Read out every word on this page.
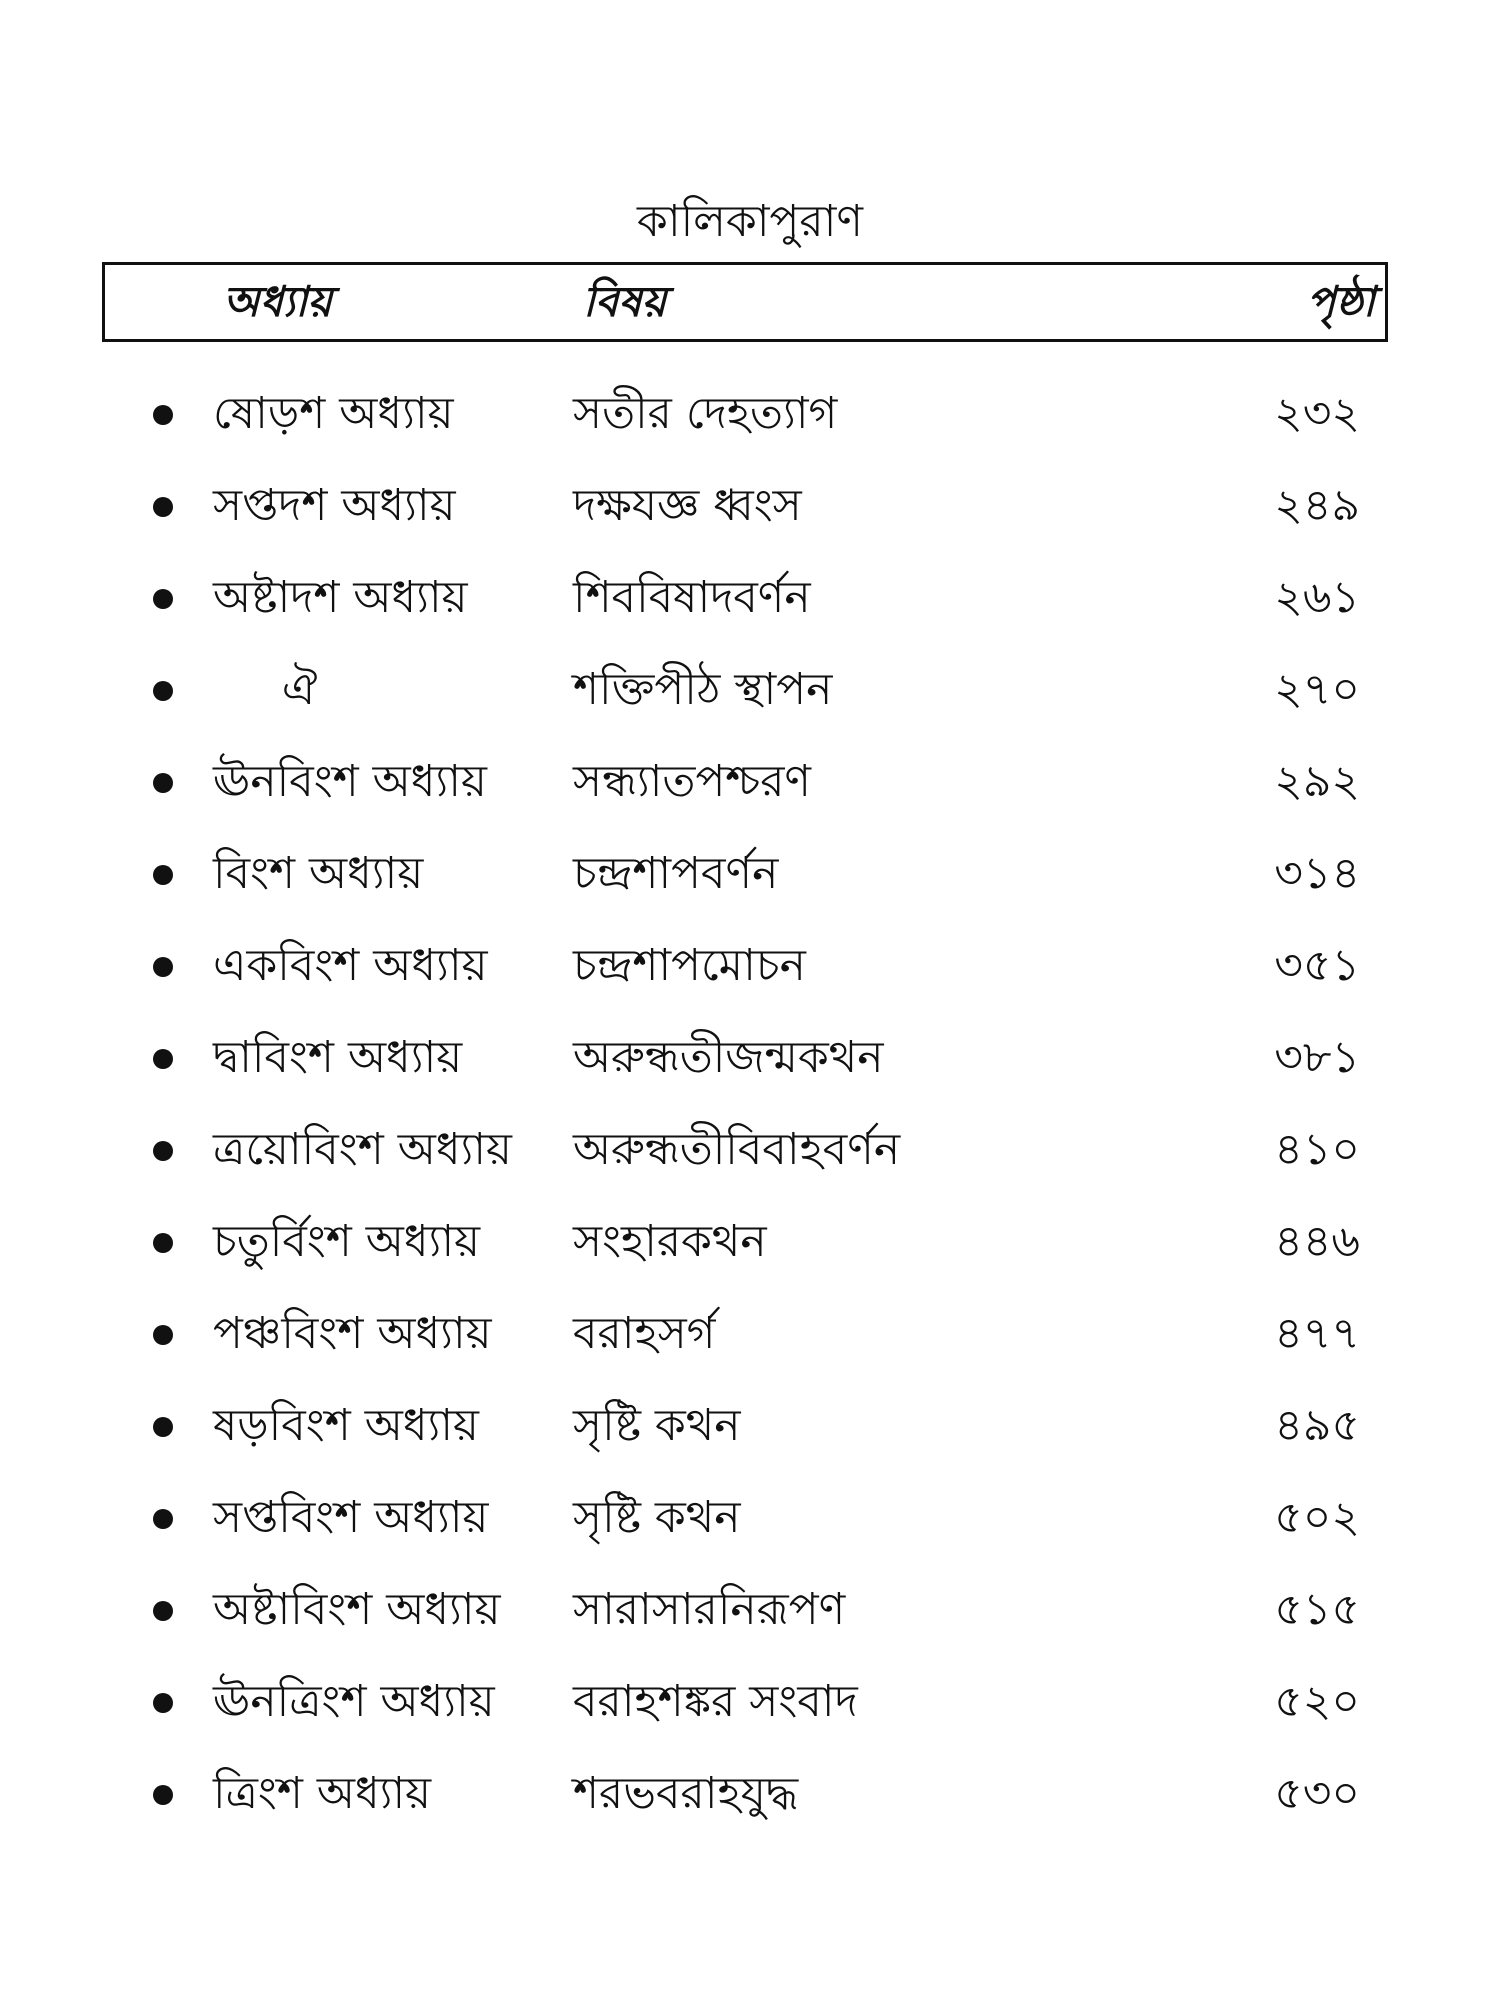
কালিকাপুরাণ
অধ্যায়	বিষয়	পৃষ্ঠা
ষোড়শ অধ্যায়	সতীর দেহত্যাগ	২৩২
সপ্তদশ অধ্যায়	দক্ষযজ্ঞ ধ্বংস	২৪৯
অষ্টাদশ অধ্যায় শিববিষাদবর্ণন	২৬১
ঐ	শক্তিপীঠ স্থাপন	২৭০
ঊনবিংশ অধ্যায় সন্ধ্যাতপশ্চরণ	২৯২
বিংশ অধ্যায়	চন্দ্রশাপবর্ণন	৩১৪
একবিংশ অধ্যায় চন্দ্রশাপমোচন	৩৫১
দ্বাবিংশ অধ্যায়	অরুন্ধতীজন্মকথন	৩৮১
ত্রয়োবিংশ অধ্যায় অরুন্ধতীবিবাহবর্ণন	৪১০
চতুর্বিংশ অধ্যায় সংহারকথন	৪৪৬
পঞ্চবিংশ অধ্যায় বরাহসর্গ	৪৭৭
ষড়বিংশ অধ্যায় সৃষ্টি কথন	৪৯৫
সপ্তবিংশ অধ্যায় সৃষ্টি কথন	৫০২
অষ্টাবিংশ অধ্যায় সারাসারনিরূপণ	৫১৫
ঊনত্রিংশ অধ্যায় বরাহশঙ্কর সংবাদ	৫২০
ত্রিংশ অধ্যায়	শরভবরাহযুদ্ধ	৫৩০
